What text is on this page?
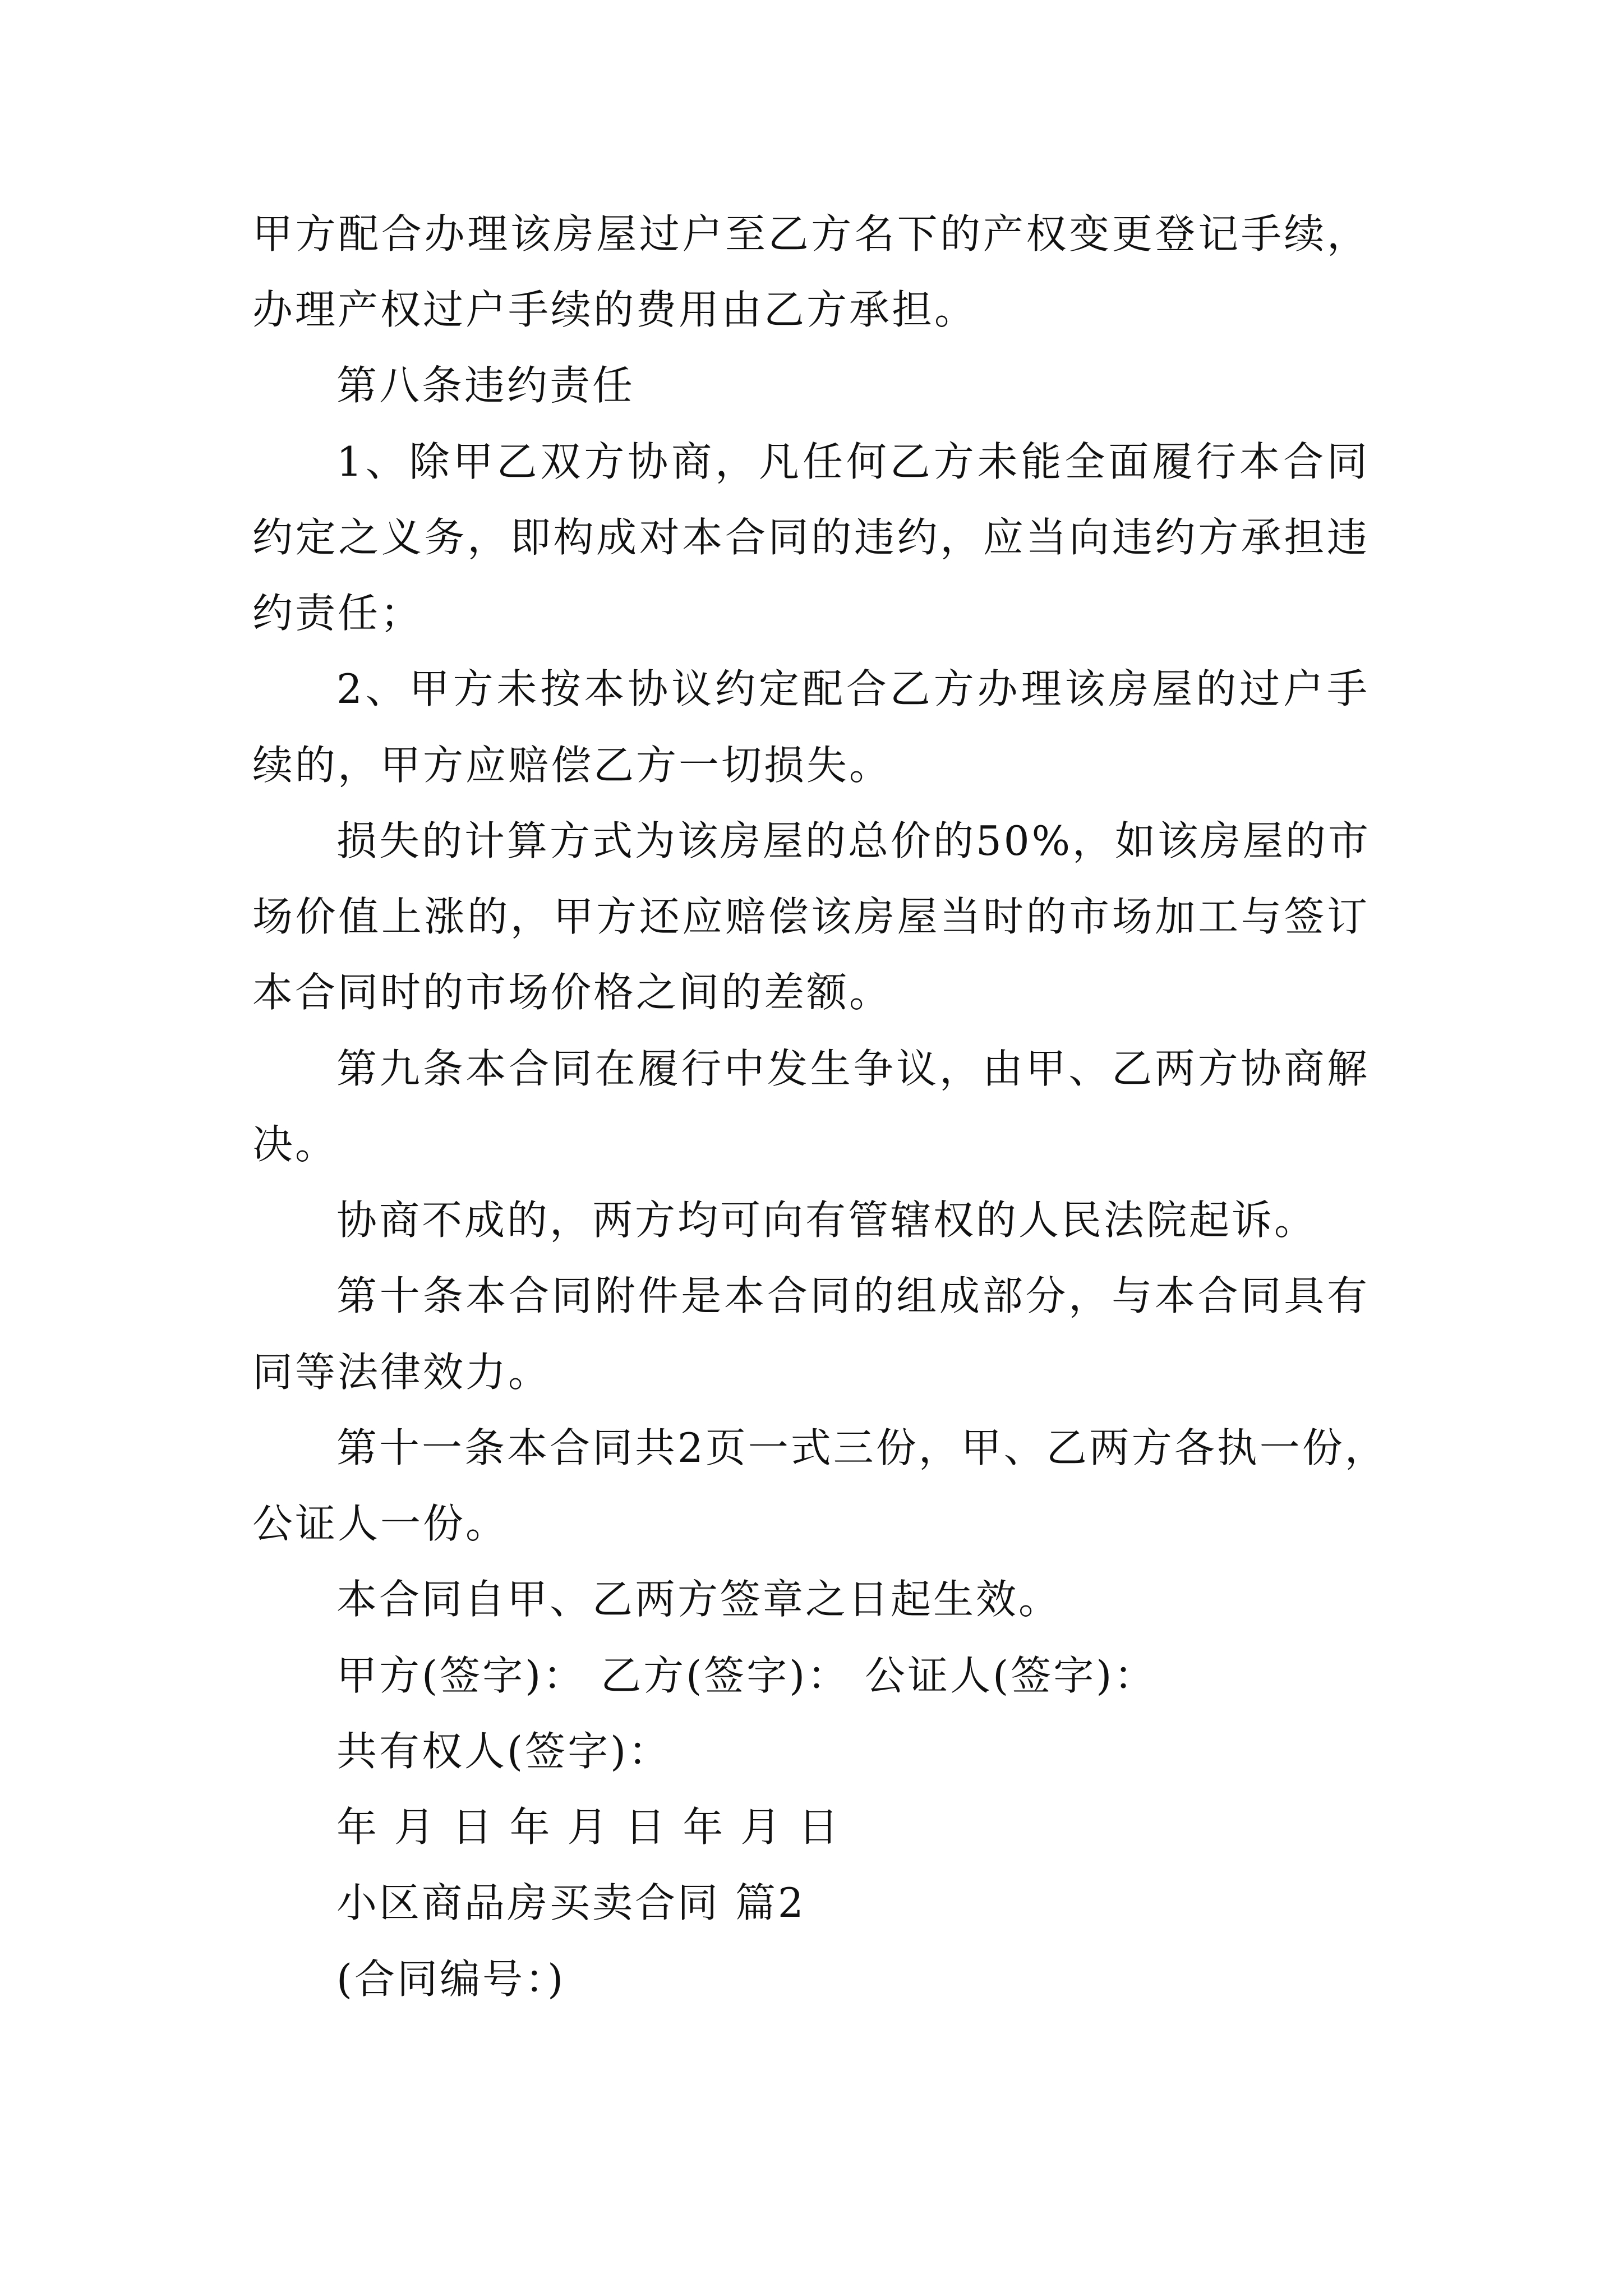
甲方配合办理该房屋过户至乙方名下的产权变更登记手续，
办理产权过户手续的费用由乙方承担。
第八条违约责任
1、除甲乙双方协商，凡任何乙方未能全面履行本合同
约定之义务，即构成对本合同的违约，应当向违约方承担违
约责任；
2、甲方未按本协议约定配合乙方办理该房屋的过户手
续的，甲方应赔偿乙方一切损失。
损失的计算方式为该房屋的总价的50%，如该房屋的市
场价值上涨的，甲方还应赔偿该房屋当时的市场加工与签订
本合同时的市场价格之间的差额。
第九条本合同在履行中发生争议，由甲、乙两方协商解
决。
协商不成的，两方均可向有管辖权的人民法院起诉。
第十条本合同附件是本合同的组成部分，与本合同具有
同等法律效力。
第十一条本合同共2页一式三份，甲、乙两方各执一份，
公证人一份。
本合同自甲、乙两方签章之日起生效。
甲方(签字)： 乙方(签字)： 公证人(签字)：
共有权人(签字)：
年 月 日 年 月 日 年 月 日
小区商品房买卖合同 篇2
(合同编号：)
